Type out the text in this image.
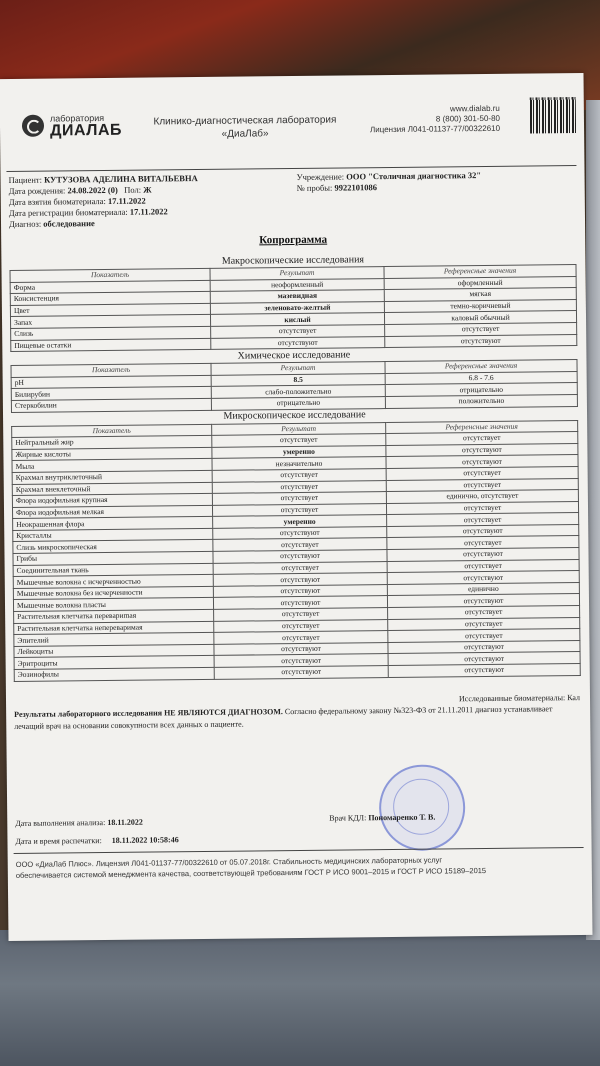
лаборатория
ДИАЛАБ
Клинико-диагностическая лаборатория
«ДиаЛаб»
www.dialab.ru
8 (800) 301-50-80
Лицензия Л041-01137-77/00322610
Пациент: КУТУЗОВА АДЕЛИНА ВИТАЛЬЕВНА
Дата рождения: 24.08.2022 (0) Пол: Ж
Дата взятия биоматериала: 17.11.2022
Дата регистрации биоматериала: 17.11.2022
Диагноз: обследование
Учреждение: ООО "Столичная диагностика 32"
№ пробы: 9922101086
Копрограмма
Макроскопические исследования		
Показатель	Результат	Референсные значения
Форма	неоформленный	оформленный
Консистенция	мазевидная	мягкая
Цвет	зеленовато-желтый	темно-коричневый
Запах	кислый	каловый обычный
Слизь	отсутствует	отсутствует
Пищевые остатки	отсутствуют	отсутствуют
Химическое исследование		
Показатель	Результат	Референсные значения
pH	8.5	6.8 - 7.6
Билирубин	слабо-положительно	отрицательно
Стеркобилин	отрицательно	положительно
Микроскопическое исследование		
Показатель	Результат	Референсные значения
Нейтральный жир	отсутствует	отсутствует
Жирные кислоты	умеренно	отсутствуют
Мыла	незначительно	отсутствуют
Крахмал внутриклеточный	отсутствует	отсутствует
Крахмал внеклеточный	отсутствует	отсутствует
Флора иодофильная крупная	отсутствует	единично, отсутствует
Флора иодофильная мелкая	отсутствует	отсутствует
Неокрашенная флора	умеренно	отсутствует
Кристаллы	отсутствуют	отсутствуют
Слизь микроскопическая	отсутствует	отсутствует
Грибы	отсутствуют	отсутствуют
Соединительная ткань	отсутствует	отсутствует
Мышечные волокна с исчерченностью	отсутствуют	отсутствуют
Мышечные волокна без исчерченности	отсутствуют	единично
Мышечные волокна пласты	отсутствуют	отсутствуют
Растительная клетчатка перевариmая	отсутствует	отсутствует
Растительная клетчатка непереваримая	отсутствует	отсутствует
Эпителий	отсутствует	отсутствует
Лейкоциты	отсутствуют	отсутствуют
Эритроциты	отсутствуют	отсутствуют
Эозинофилы	отсутствуют	отсутствуют
Исследованные биоматериалы: Кал
Результаты лабораторного исследования НЕ ЯВЛЯЮТСЯ ДИАГНОЗОМ. Согласно федеральному закону №323-ФЗ от 21.11.2011 диагноз устанавливает лечащий врач на основании совокупности всех данных о пациенте.
Дата выполнения анализа: 18.11.2022	Врач КДЛ: Пономаренко Т. В.
Дата и время распечатки: 18.11.2022 10:58:46
ООО «ДиаЛаб Плюс». Лицензия Л041-01137-77/00322610 от 05.07.2018г. Стабильность медицинских лабораторных услуг
обеспечивается системой менеджмента качества, соответствующей требованиям ГОСТ Р ИСО 9001–2015 и ГОСТ Р ИСО 15189–2015
